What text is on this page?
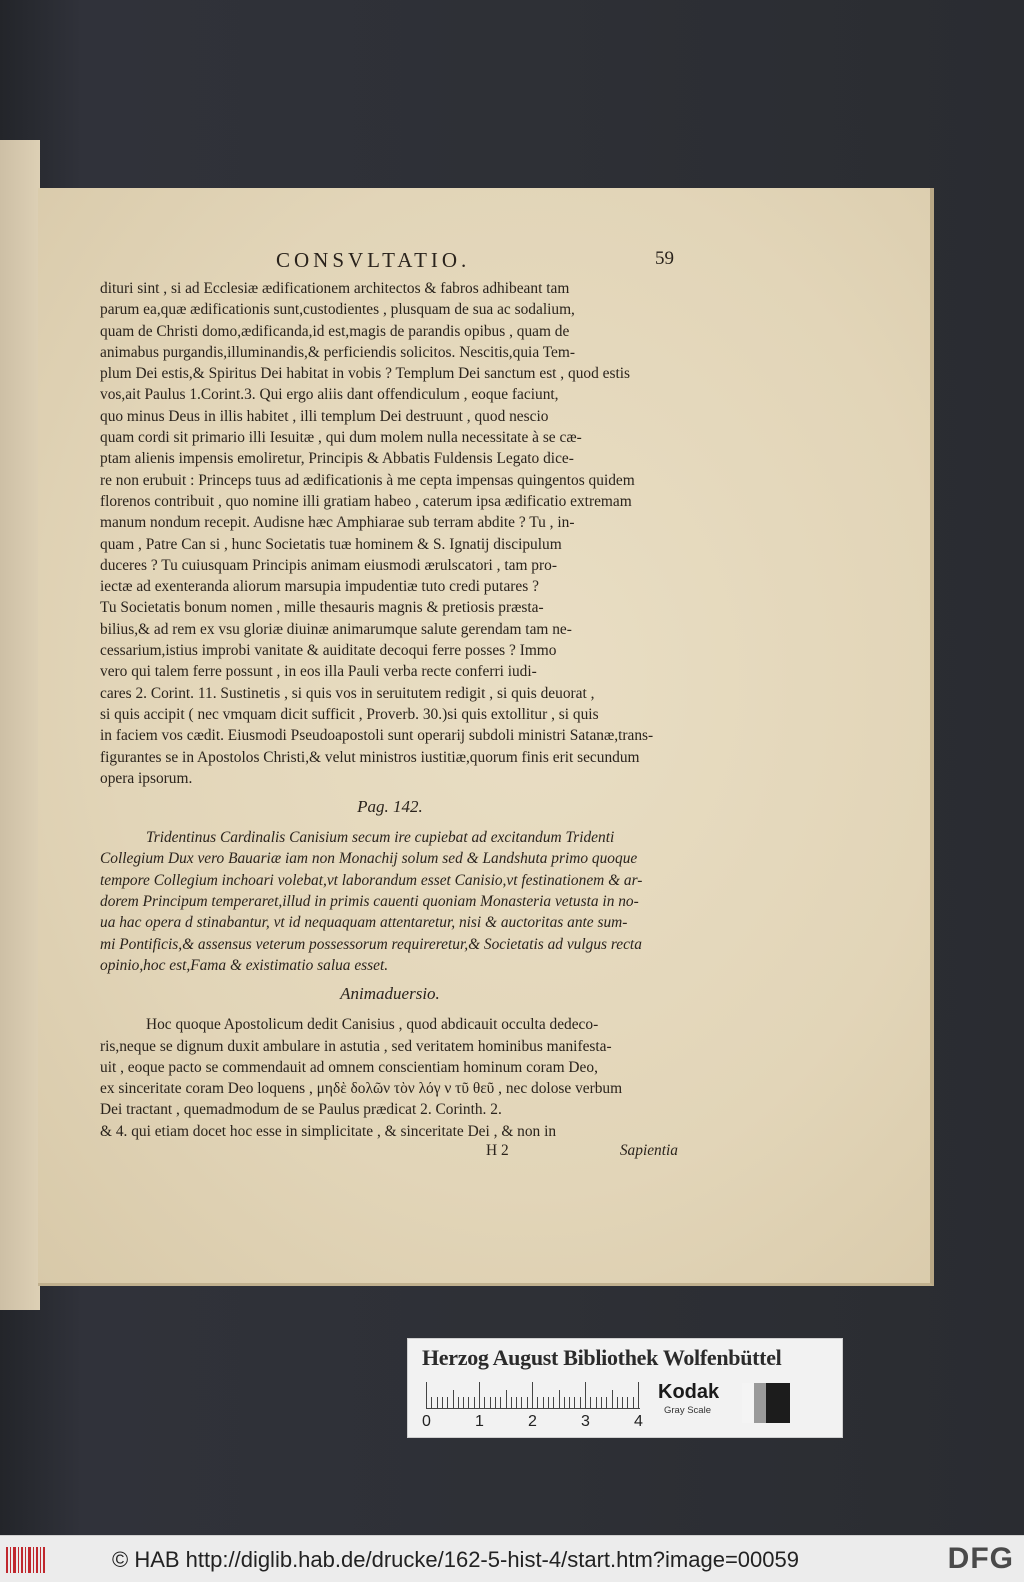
CONSVLTATIO.	59
dituri sint , si ad Ecclesiæ ædificationem architectos & fabros adhibeant tam
parum ea,quæ ædificationis sunt,custodientes , plusquam de sua ac sodalium,
quam de Christi domo,ædificanda,id est,magis de parandis opibus , quam de
animabus purgandis,illuminandis,& perficiendis solicitos. Nescitis,quia Tem-
plum Dei estis,& Spiritus Dei habitat in vobis ? Templum Dei sanctum est , quod estis
vos,ait Paulus 1.Corint.3. Qui ergo aliis dant offendiculum , eoque faciunt,
quo minus Deus in illis habitet , illi templum Dei destruunt , quod nescio
quam cordi sit primario illi Iesuitæ , qui dum molem nulla necessitate à se cæ-
ptam alienis impensis emoliretur, Principis & Abbatis Fuldensis Legato dice-
re non erubuit : Princeps tuus ad ædificationis à me cepta impensas quingentos quidem
florenos contribuit , quo nomine illi gratiam habeo , caterum ipsa ædificatio extremam
manum nondum recepit. Audisne hæc Amphiarae sub terram abdite ? Tu , in-
quam , Patre Can si , hunc Societatis tuæ hominem & S. Ignatij discipulum
duceres ? Tu cuiusquam Principis animam eiusmodi ærulscatori , tam pro-
iectæ ad exenteranda aliorum marsupia impudentiæ tuto credi putares ?
Tu Societatis bonum nomen , mille thesauris magnis & pretiosis præsta-
bilius,& ad rem ex vsu gloriæ diuinæ animarumque salute gerendam tam ne-
cessarium,istius improbi vanitate & auiditate decoqui ferre posses ? Immo
vero qui talem ferre possunt , in eos illa Pauli verba recte conferri iudi-
cares 2. Corint. 11. Sustinetis , si quis vos in seruitutem redigit , si quis deuorat ,
si quis accipit ( nec vmquam dicit sufficit , Proverb. 30.)si quis extollitur , si quis
in faciem vos cædit. Eiusmodi Pseudoapostoli sunt operarij subdoli ministri Satanæ,trans-
figurantes se in Apostolos Christi,& velut ministros iustitiæ,quorum finis erit secundum
opera ipsorum.
Pag. 142.
Tridentinus Cardinalis Canisium secum ire cupiebat ad excitandum Tridenti
Collegium Dux vero Bauariæ iam non Monachij solum sed & Landshuta primo quoque
tempore Collegium inchoari volebat,vt laborandum esset Canisio,vt festinationem & ar-
dorem Principum temperaret,illud in primis cauenti quoniam Monasteria vetusta in no-
ua hac opera d stinabantur, vt id nequaquam attentaretur, nisi & auctoritas ante sum-
mi Pontificis,& assensus veterum possessorum requireretur,& Societatis ad vulgus recta
opinio,hoc est,Fama & existimatio salua esset.
Animaduersio.
Hoc quoque Apostolicum dedit Canisius , quod abdicauit occulta dedeco-
ris,neque se dignum duxit ambulare in astutia , sed veritatem hominibus manifesta-
uit , eoque pacto se commendauit ad omnem conscientiam hominum coram Deo,
ex sinceritate coram Deo loquens , μηδὲ δολῶν τὸν λόγ ν τῦ θεῦ , nec dolose verbum
Dei tractant , quemadmodum de se Paulus prædicat 2. Corinth. 2.
& 4. qui etiam docet hoc esse in simplicitate , & sinceritate Dei , & non in
H 2	Sapientia
Herzog August Bibliothek Wolfenbüttel
0	1	2	3	4
Kodak
Gray Scale
© HAB http://diglib.hab.de/drucke/162-5-hist-4/start.htm?image=00059	DFG
